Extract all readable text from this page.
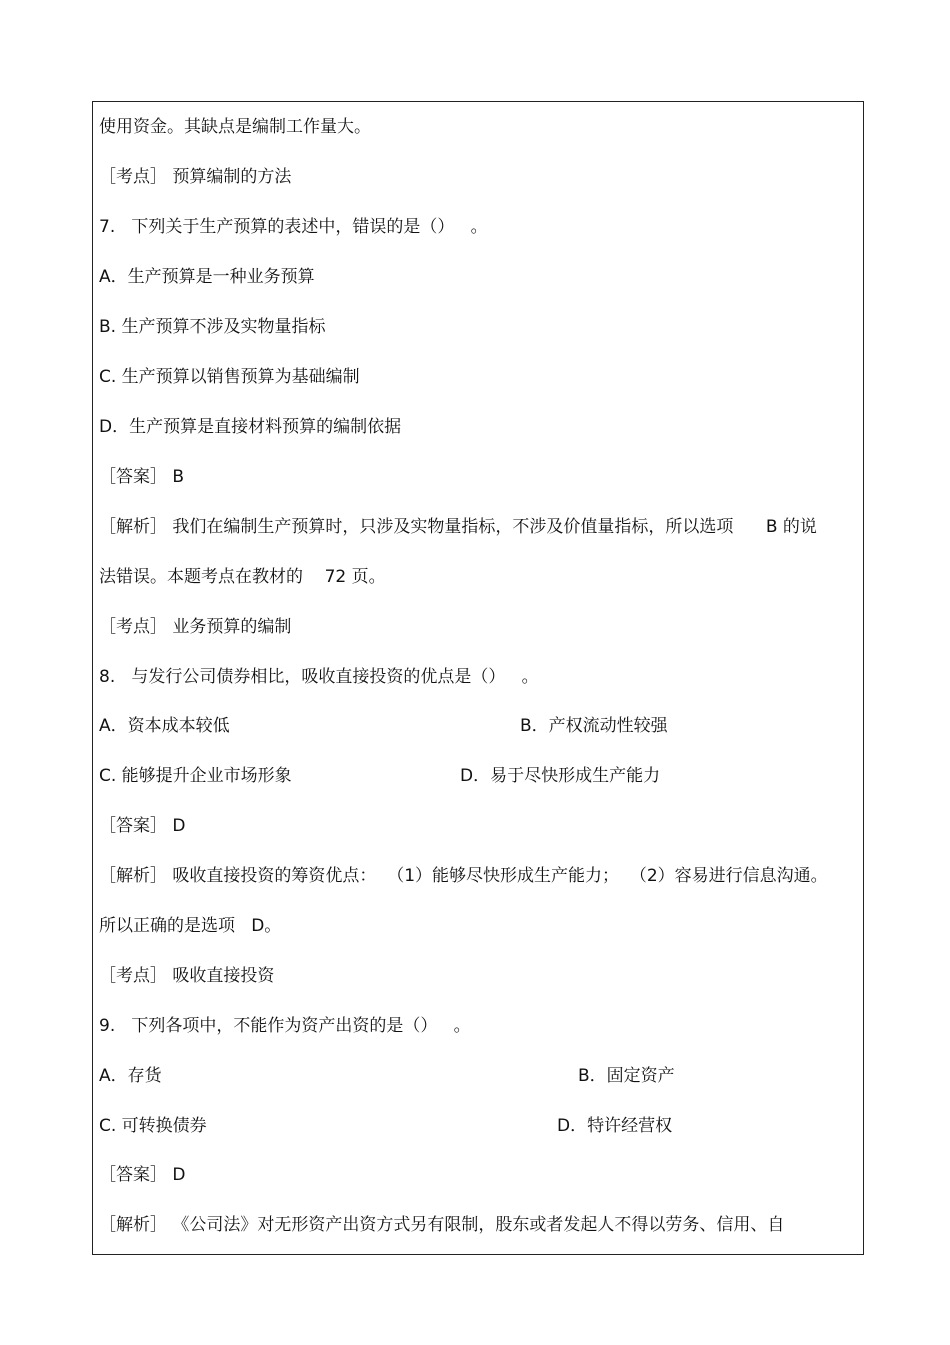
使用资金。其缺点是编制工作量大。
［考点］ 预算编制的方法
7.   下列关于生产预算的表述中，错误的是（）   。
A．生产预算是一种业务预算
B. 生产预算不涉及实物量指标
C. 生产预算以销售预算为基础编制
D．生产预算是直接材料预算的编制依据
［答案］ B
［解析］ 我们在编制生产预算时，只涉及实物量指标，不涉及价值量指标，所以选项      B 的说
法错误。本题考点在教材的    72 页。
［考点］ 业务预算的编制
8.   与发行公司债券相比，吸收直接投资的优点是（）   。
A．资本成本较低	B．产权流动性较强
C. 能够提升企业市场形象	D．易于尽快形成生产能力
［答案］ D
［解析］ 吸收直接投资的筹资优点：  （1）能够尽快形成生产能力；  （2）容易进行信息沟通。
所以正确的是选项   D。
［考点］ 吸收直接投资
9.   下列各项中，不能作为资产出资的是（）   。
A．存货	B．固定资产
C. 可转换债券	D．特许经营权
［答案］ D
［解析］ 《公司法》对无形资产出资方式另有限制，股东或者发起人不得以劳务、信用、自
